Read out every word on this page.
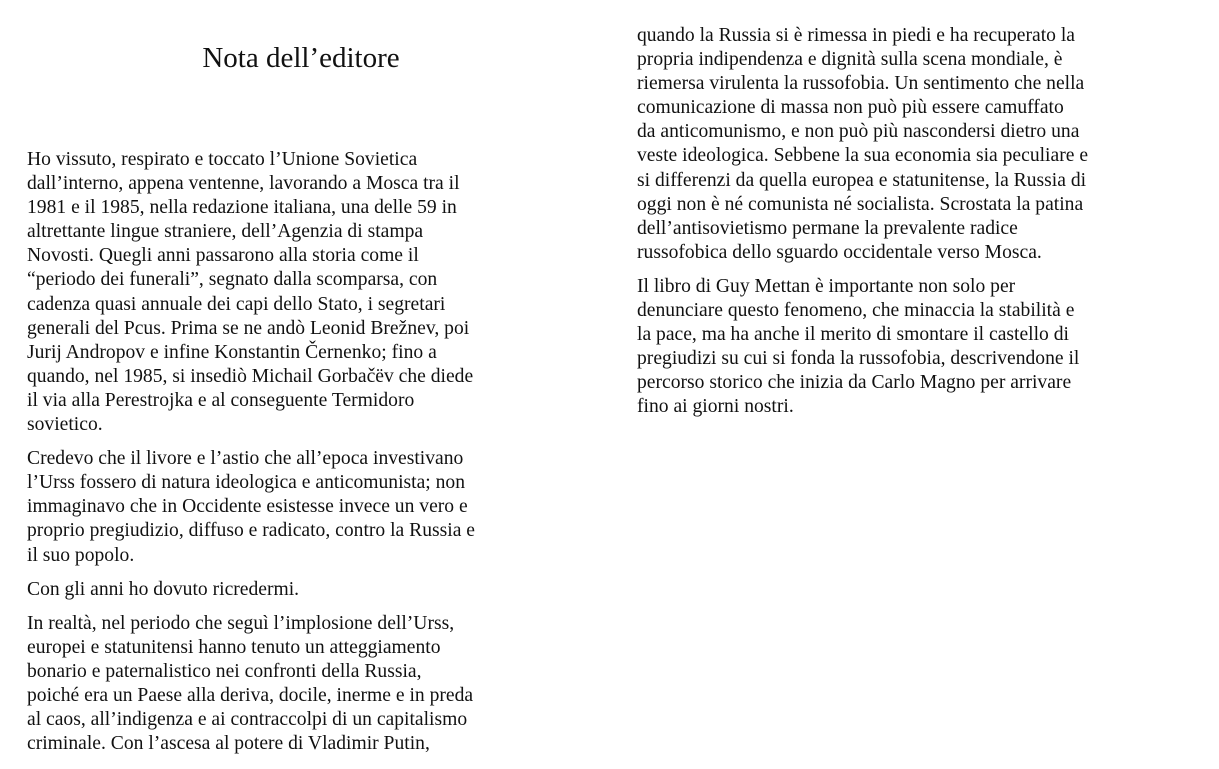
Nota dell’editore

Ho vissuto, respirato e toccato l’Unione Sovietica
dall’interno, appena ventenne, lavorando a Mosca tra il
1981 e il 1985, nella redazione italiana, una delle 59 in
altrettante lingue straniere, dell’Agenzia di stampa
Novosti. Quegli anni passarono alla storia come il
“periodo dei funerali”, segnato dalla scomparsa, con
cadenza quasi annuale dei capi dello Stato, i segretari
generali del Pcus. Prima se ne andò Leonid Brežnev, poi
Jurij Andropov e infine Konstantin Černenko; fino a
quando, nel 1985, si insediò Michail Gorbačëv che diede
il via alla Perestrojka e al conseguente Termidoro
sovietico.

Credevo che il livore e l’astio che all’epoca investivano
l’Urss fossero di natura ideologica e anticomunista; non
immaginavo che in Occidente esistesse invece un vero e
proprio pregiudizio, diffuso e radicato, contro la Russia e
il suo popolo.

Con gli anni ho dovuto ricredermi.

In realtà, nel periodo che seguì l’implosione dell’Urss,
europei e statunitensi hanno tenuto un atteggiamento
bonario e paternalistico nei confronti della Russia,
poiché era un Paese alla deriva, docile, inerme e in preda
al caos, all’indigenza e ai contraccolpi di un capitalismo
criminale. Con l’ascesa al potere di Vladimir Putin,

quando la Russia si è rimessa in piedi e ha recuperato la
propria indipendenza e dignità sulla scena mondiale, è
riemersa virulenta la russofobia. Un sentimento che nella
comunicazione di massa non può più essere camuffato
da anticomunismo, e non può più nascondersi dietro una
veste ideologica. Sebbene la sua economia sia peculiare e
si differenzi da quella europea e statunitense, la Russia di
oggi non è né comunista né socialista. Scrostata la patina
dell’antisovietismo permane la prevalente radice
russofobica dello sguardo occidentale verso Mosca.

Il libro di Guy Mettan è importante non solo per
denunciare questo fenomeno, che minaccia la stabilità e
la pace, ma ha anche il merito di smontare il castello di
pregiudizi su cui si fonda la russofobia, descrivendone il
percorso storico che inizia da Carlo Magno per arrivare
fino ai giorni nostri.
